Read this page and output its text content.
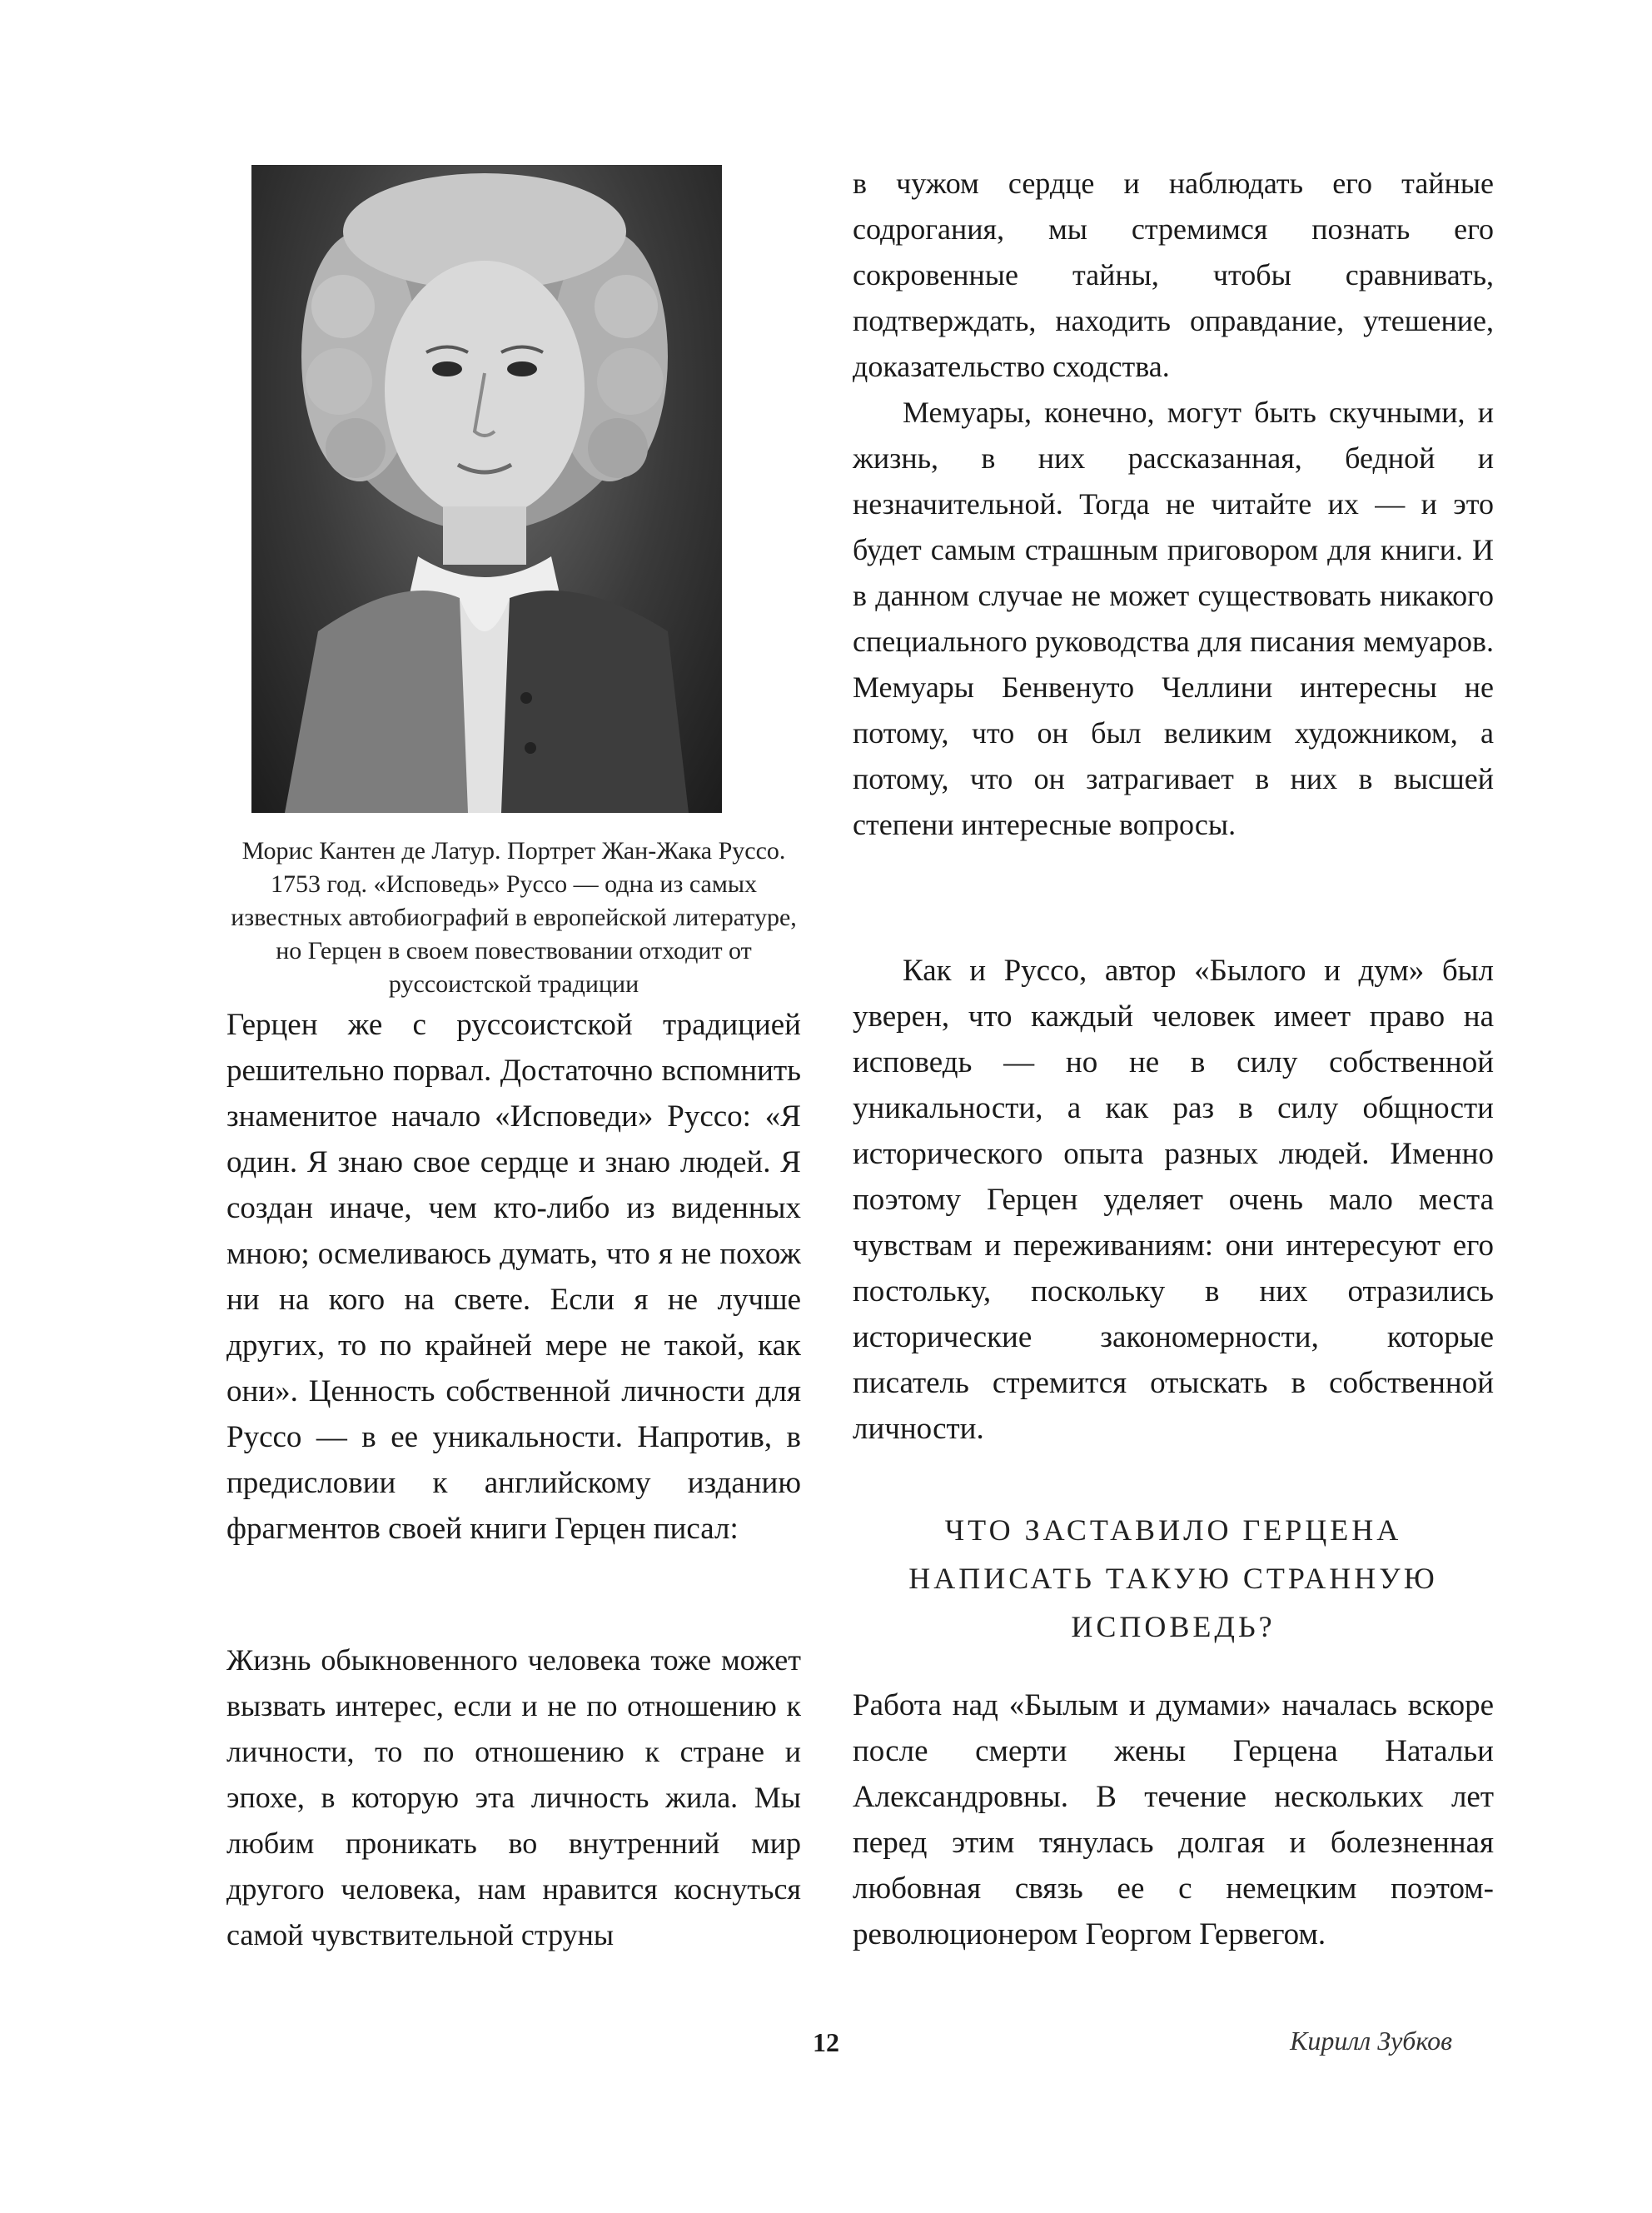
Морис Кантен де Латур. Портрет Жан-Жака Руссо. 1753 год. «Исповедь» Руссо — одна из самых известных автобиографий в европейской литературе, но Герцен в своем повествовании отходит от руссоистской традиции

Герцен же с руссоистской традицией решительно порвал. Достаточно вспомнить знаменитое начало «Исповеди» Руссо: «Я один. Я знаю свое сердце и знаю людей. Я создан иначе, чем кто-либо из виденных мною; осмеливаюсь думать, что я не похож ни на кого на свете. Если я не лучше других, то по крайней мере не такой, как они». Ценность собственной личности для Руссо — в ее уникальности. Напротив, в предисловии к английскому изданию фрагментов своей книги Герцен писал:

Жизнь обыкновенного человека тоже может вызвать интерес, если и не по отношению к личности, то по отношению к стране и эпохе, в которую эта личность жила. Мы любим проникать во внутренний мир другого человека, нам нравится коснуться самой чувствительной струны
в чужом сердце и наблюдать его тайные содрогания, мы стремимся познать его сокровенные тайны, чтобы сравнивать, подтверждать, находить оправдание, утешение, доказательство сходства.
Мемуары, конечно, могут быть скучными, и жизнь, в них рассказанная, бедной и незначительной. Тогда не читайте их — и это будет самым страшным приговором для книги. И в данном случае не может существовать никакого специального руководства для писания мемуаров. Мемуары Бенвенуто Челлини интересны не потому, что он был великим художником, а потому, что он затрагивает в них в высшей степени интересные вопросы.

Как и Руссо, автор «Былого и дум» был уверен, что каждый человек имеет право на исповедь — но не в силу собственной уникальности, а как раз в силу общности исторического опыта разных людей. Именно поэтому Герцен уделяет очень мало места чувствам и переживаниям: они интересуют его постольку, поскольку в них отразились исторические закономерности, которые писатель стремится отыскать в собственной личности.

ЧТО ЗАСТАВИЛО ГЕРЦЕНА НАПИСАТЬ ТАКУЮ СТРАННУЮ ИСПОВЕДЬ?

Работа над «Былым и думами» началась вскоре после смерти жены Герцена Натальи Александровны. В течение нескольких лет перед этим тянулась долгая и болезненная любовная связь ее с немецким поэтом-революционером Георгом Гервегом.

12	Кирилл Зубков
